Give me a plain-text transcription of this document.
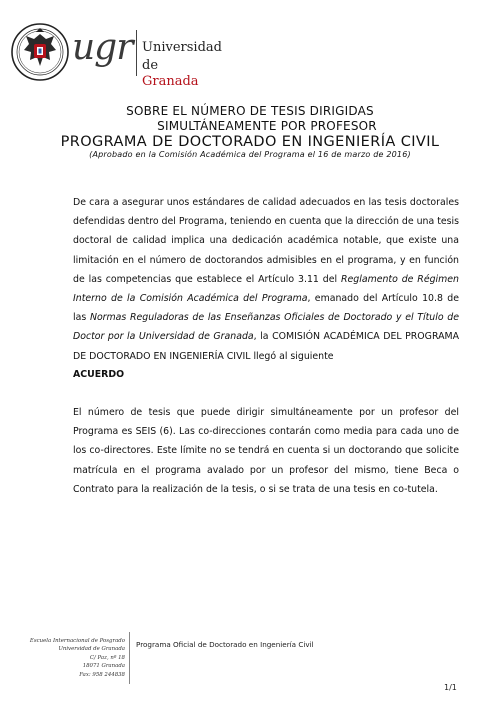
ugr Universidad
de Granada
SOBRE EL NÚMERO DE TESIS DIRIGIDAS
SIMULTÁNEAMENTE POR PROFESOR
PROGRAMA DE DOCTORADO EN INGENIERÍA CIVIL

(Aprobado en la Comisión Académica del Programa el 16 de marzo de 2016)

De cara a asegurar unos estándares de calidad adecuados en las tesis doctorales defendidas dentro del Programa, teniendo en cuenta que la dirección de una tesis doctoral de calidad implica una dedicación académica notable, que existe una limitación en el número de doctorandos admisibles en el programa, y en función de las competencias que establece el Artículo 3.11 del Reglamento de Régimen Interno de la Comisión Académica del Programa, emanado del Artículo 10.8 de las Normas Reguladoras de las Enseñanzas Oficiales de Doctorado y el Título de Doctor por la Universidad de Granada, la COMISIÓN ACADÉMICA DEL PROGRAMA DE DOCTORADO EN INGENIERÍA CIVIL llegó al siguiente

ACUERDO

El número de tesis que puede dirigir simultáneamente por un profesor del Programa es SEIS (6). Las co-direcciones contarán como media para cada uno de los co-directores. Este límite no se tendrá en cuenta si un doctorando que solicite matrícula en el programa avalado por un profesor del mismo, tiene Beca o Contrato para la realización de la tesis, o si se trata de una tesis en co-tutela.

Escuela Internacional de Posgrado
Universidad de Granada
C/ Paz, nº 18
18071 Granada
Fax: 958 244838
Programa Oficial de Doctorado en Ingeniería Civil
1/1
